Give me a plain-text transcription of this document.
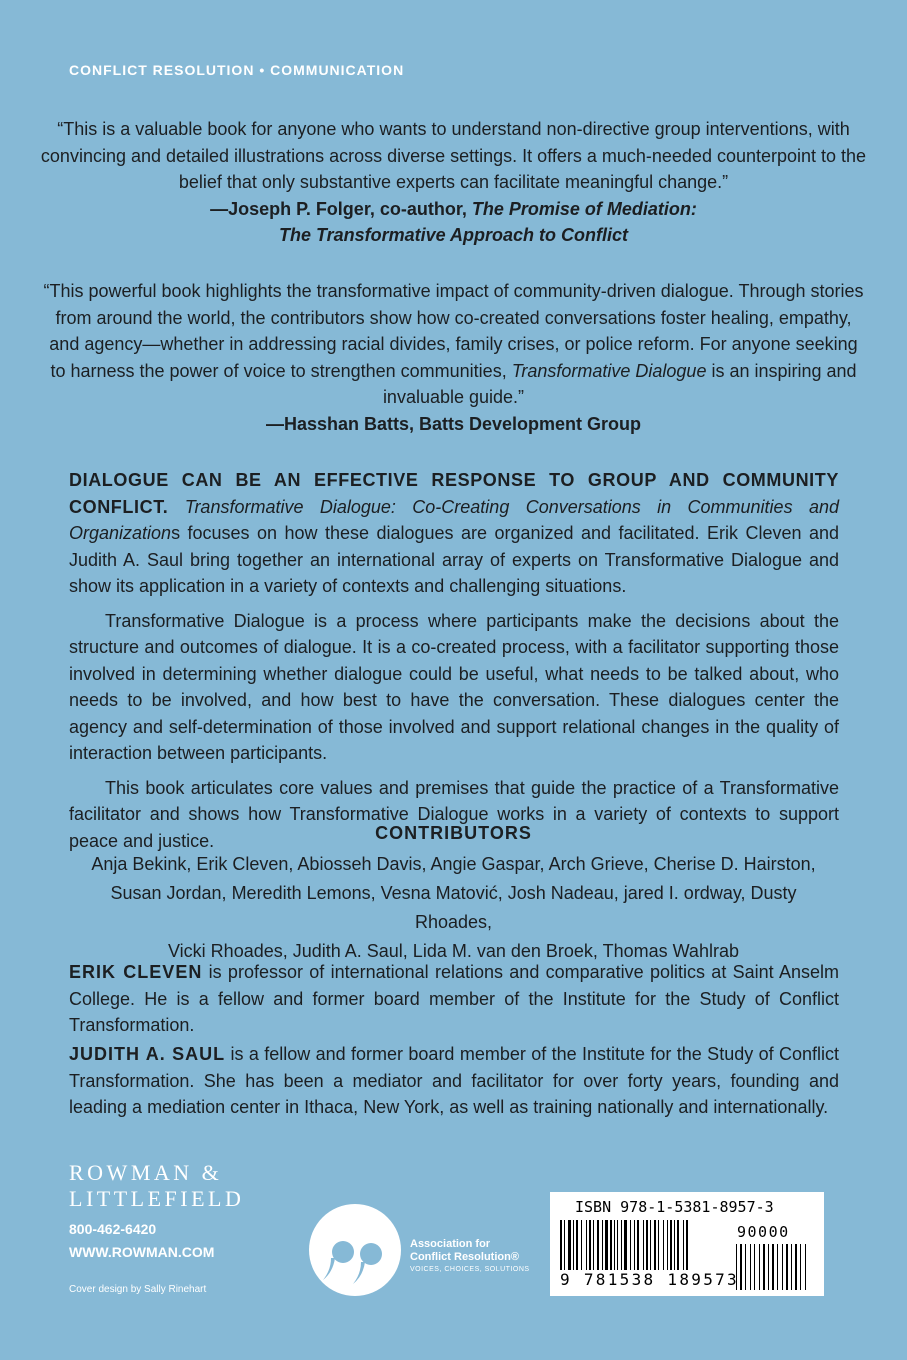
CONFLICT RESOLUTION • COMMUNICATION
“This is a valuable book for anyone who wants to understand non-directive group interventions, with convincing and detailed illustrations across diverse settings. It offers a much-needed counterpoint to the belief that only substantive experts can facilitate meaningful change.”
—Joseph P. Folger, co-author, The Promise of Mediation:
The Transformative Approach to Conflict
“This powerful book highlights the transformative impact of community-driven dialogue. Through stories from around the world, the contributors show how co-created conversations foster healing, empathy, and agency—whether in addressing racial divides, family crises, or police reform. For anyone seeking to harness the power of voice to strengthen communities, Transformative Dialogue is an inspiring and invaluable guide.”
—Hasshan Batts, Batts Development Group

DIALOGUE CAN BE AN EFFECTIVE RESPONSE TO GROUP AND COMMUNITY CONFLICT. Transformative Dialogue: Co-Creating Conversations in Communities and Organizations focuses on how these dialogues are organized and facilitated. Erik Cleven and Judith A. Saul bring together an international array of experts on Transformative Dialogue and show its application in a variety of contexts and challenging situations.

Transformative Dialogue is a process where participants make the decisions about the structure and outcomes of dialogue. It is a co-created process, with a facilitator supporting those involved in determining whether dialogue could be useful, what needs to be talked about, who needs to be involved, and how best to have the conversation. These dialogues center the agency and self-determination of those involved and support relational changes in the quality of interaction between participants.

This book articulates core values and premises that guide the practice of a Transformative facilitator and shows how Transformative Dialogue works in a variety of contexts to support peace and justice.	CONTRIBUTORS
Anja Bekink, Erik Cleven, Abiosseh Davis, Angie Gaspar, Arch Grieve, Cherise D. Hairston,
Susan Jordan, Meredith Lemons, Vesna Matović, Josh Nadeau, jared I. ordway, Dusty Rhoades,
Vicki Rhoades, Judith A. Saul, Lida M. van den Broek, Thomas Wahlrab
ERIK CLEVEN is professor of international relations and comparative politics at Saint Anselm College. He is a fellow and former board member of the Institute for the Study of Conflict Transformation.
JUDITH A. SAUL is a fellow and former board member of the Institute for the Study of Conflict Transformation. She has been a mediator and facilitator for over forty years, founding and leading a mediation center in Ithaca, New York, as well as training nationally and internationally.
ROWMAN &
LITTLEFIELD
800-462-6420
WWW.ROWMAN.COM
Cover design by Sally Rinehart
Association for
Conflict Resolution®
VOICES, CHOICES, SOLUTIONS
ISBN 978-1-5381-8957-3
90000
9 781538 189573
